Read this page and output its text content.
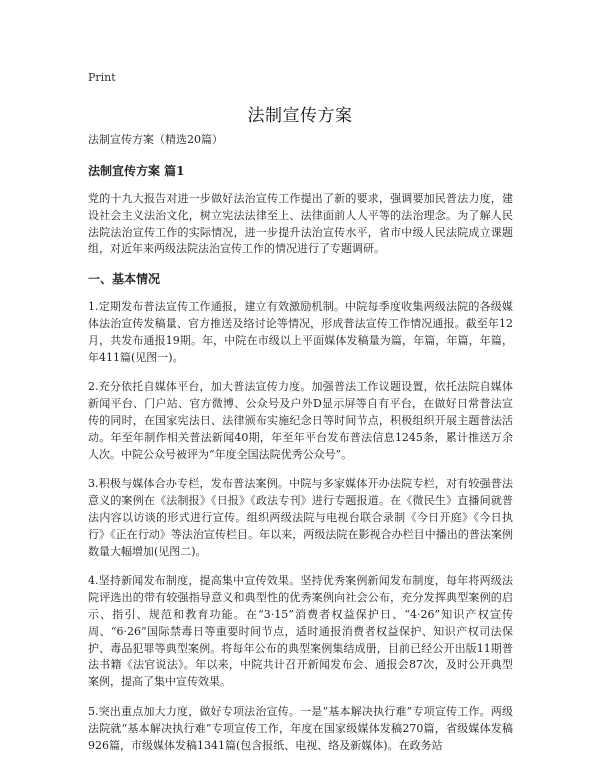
Print
法制宣传方案
法制宣传方案（精选20篇）
法制宣传方案 篇1
党的十九大报告对进一步做好法治宣传工作提出了新的要求，强调要加民普法力度，建设社会主义法治文化，树立宪法法律至上、法律面前人人平等的法治理念。为了解人民法院法治宣传工作的实际情况，进一步提升法治宣传水平，省市中级人民法院成立课题组，对近年来两级法院法治宣传工作的情况进行了专题调研。
一、基本情况
1.定期发布普法宣传工作通报，建立有效激励机制。中院每季度收集两级法院的各级媒体法治宣传发稿量、官方推送及络讨论等情况，形成普法宣传工作情况通报。截至年12月，共发布通报19期。年，中院在市级以上平面媒体发稿量为篇，年篇，年篇，年篇，年411篇(见图一)。
2.充分依托自媒体平台，加大普法宣传力度。加强普法工作议题设置，依托法院自媒体新闻平台、门户站、官方微博、公众号及户外D显示屏等自有平台，在做好日常普法宣传的同时，在国家宪法日、法律颁布实施纪念日等时间节点，积极组织开展主题普法活动。年至年制作相关普法新闻40期，年至年平台发布普法信息1245条，累计推送万余人次。中院公众号被评为“年度全国法院优秀公众号”。
3.积极与媒体合办专栏，发布普法案例。中院与多家媒体开办法院专栏，对有较强普法意义的案例在《法制报》《日报》《政法专刊》进行专题报道。在《微民生》直播间就普法内容以访谈的形式进行宣传。组织两级法院与电视台联合录制《今日开庭》《今日执行》《正在行动》等法治宣传栏目。年以来，两级法院在影视合办栏目中播出的普法案例数量大幅增加(见图二)。
4.坚持新闻发布制度，提高集中宣传效果。坚持优秀案例新闻发布制度，每年将两级法院评选出的带有较强指导意义和典型性的优秀案例向社会公布，充分发挥典型案例的启示、指引、规范和教育功能。在“3·15”消费者权益保护日、“4·26”知识产权宣传周、“6·26”国际禁毒日等重要时间节点，适时通报消费者权益保护、知识产权司法保护、毒品犯罪等典型案例。将每年公布的典型案例集结成册，目前已经公开出版11期普法书籍《法官说法》。年以来，中院共计召开新闻发布会、通报会87次，及时公开典型案例，提高了集中宣传效果。
5.突出重点加大力度，做好专项法治宣传。一是“基本解决执行难”专项宣传工作。两级法院就“基本解决执行难”专项宣传工作，年度在国家级媒体发稿270篇，省级媒体发稿926篇，市级媒体发稿1341篇(包含报纸、电视、络及新媒体)。在政务站
